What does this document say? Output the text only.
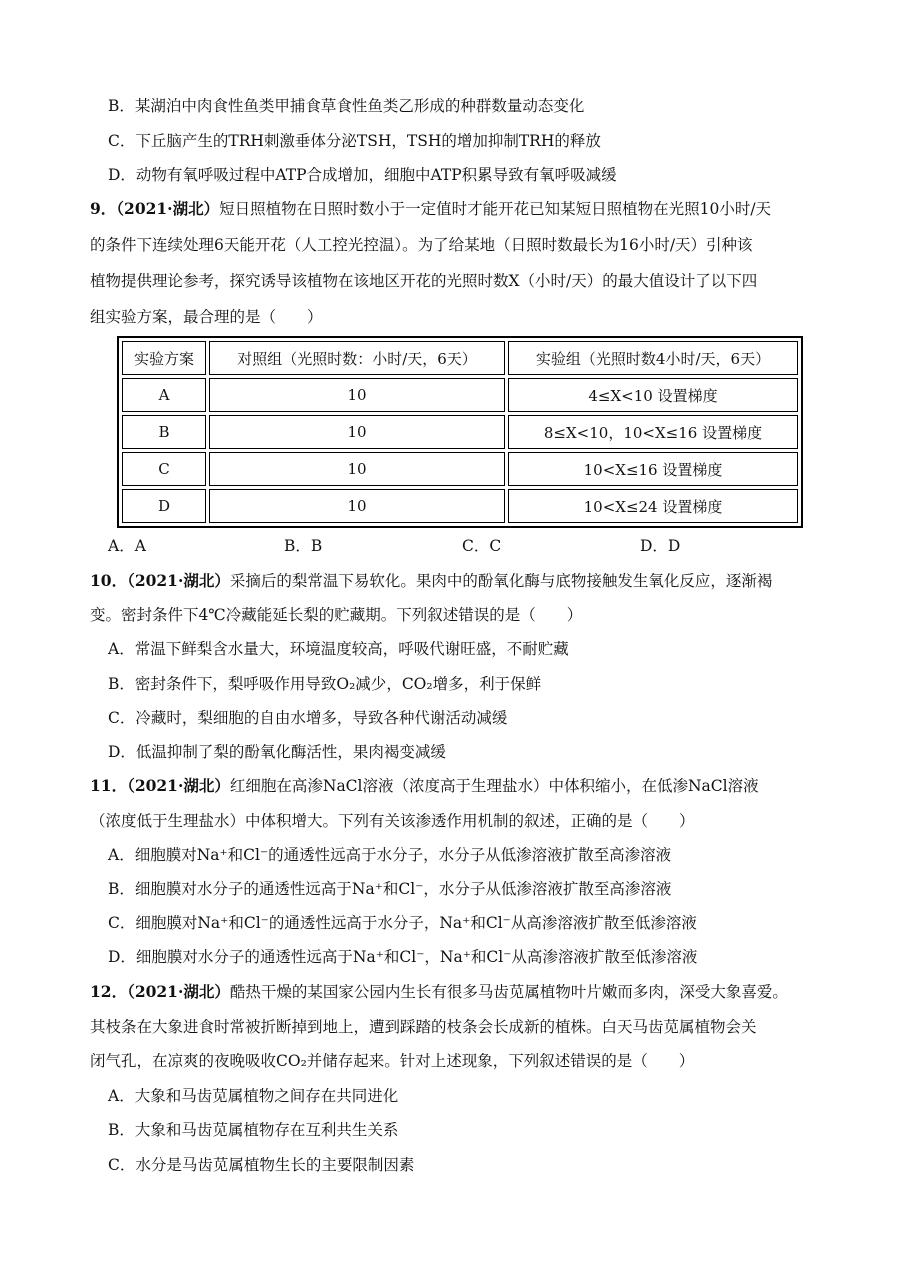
B．某湖泊中肉食性鱼类甲捕食草食性鱼类乙形成的种群数量动态变化
C．下丘脑产生的TRH刺激垂体分泌TSH，TSH的增加抑制TRH的释放
D．动物有氧呼吸过程中ATP合成增加，细胞中ATP积累导致有氧呼吸减缓
9．（2021·湖北）短日照植物在日照时数小于一定值时才能开花已知某短日照植物在光照10小时/天
的条件下连续处理6天能开花（人工控光控温）。为了给某地（日照时数最长为16小时/天）引种该
植物提供理论参考，探究诱导该植物在该地区开花的光照时数X（小时/天）的最大值设计了以下四
组实验方案，最合理的是（　　）
实验方案	对照组（光照时数：小时/天，6天）	实验组（光照时数4小时/天，6天）
A	10	4≤X<10 设置梯度
B	10	8≤X<10，10<X≤16 设置梯度
C	10	10<X≤16 设置梯度
D	10	10<X≤24 设置梯度
A．A	B．B	C．C	D．D
10．（2021·湖北）采摘后的梨常温下易软化。果肉中的酚氧化酶与底物接触发生氧化反应，逐渐褐
变。密封条件下4℃冷藏能延长梨的贮藏期。下列叙述错误的是（　　）
A．常温下鲜梨含水量大，环境温度较高，呼吸代谢旺盛，不耐贮藏
B．密封条件下，梨呼吸作用导致O₂减少，CO₂增多，利于保鲜
C．冷藏时，梨细胞的自由水增多，导致各种代谢活动减缓
D．低温抑制了梨的酚氧化酶活性，果肉褐变减缓
11．（2021·湖北）红细胞在高渗NaCl溶液（浓度高于生理盐水）中体积缩小，在低渗NaCl溶液
（浓度低于生理盐水）中体积增大。下列有关该渗透作用机制的叙述，正确的是（　　）
A．细胞膜对Na⁺和Cl⁻的通透性远高于水分子，水分子从低渗溶液扩散至高渗溶液
B．细胞膜对水分子的通透性远高于Na⁺和Cl⁻，水分子从低渗溶液扩散至高渗溶液
C．细胞膜对Na⁺和Cl⁻的通透性远高于水分子，Na⁺和Cl⁻从高渗溶液扩散至低渗溶液
D．细胞膜对水分子的通透性远高于Na⁺和Cl⁻，Na⁺和Cl⁻从高渗溶液扩散至低渗溶液
12．（2021·湖北）酷热干燥的某国家公园内生长有很多马齿苋属植物叶片嫩而多肉，深受大象喜爱。
其枝条在大象进食时常被折断掉到地上，遭到踩踏的枝条会长成新的植株。白天马齿苋属植物会关
闭气孔，在凉爽的夜晚吸收CO₂并储存起来。针对上述现象，下列叙述错误的是（　　）
A．大象和马齿苋属植物之间存在共同进化
B．大象和马齿苋属植物存在互利共生关系
C．水分是马齿苋属植物生长的主要限制因素
